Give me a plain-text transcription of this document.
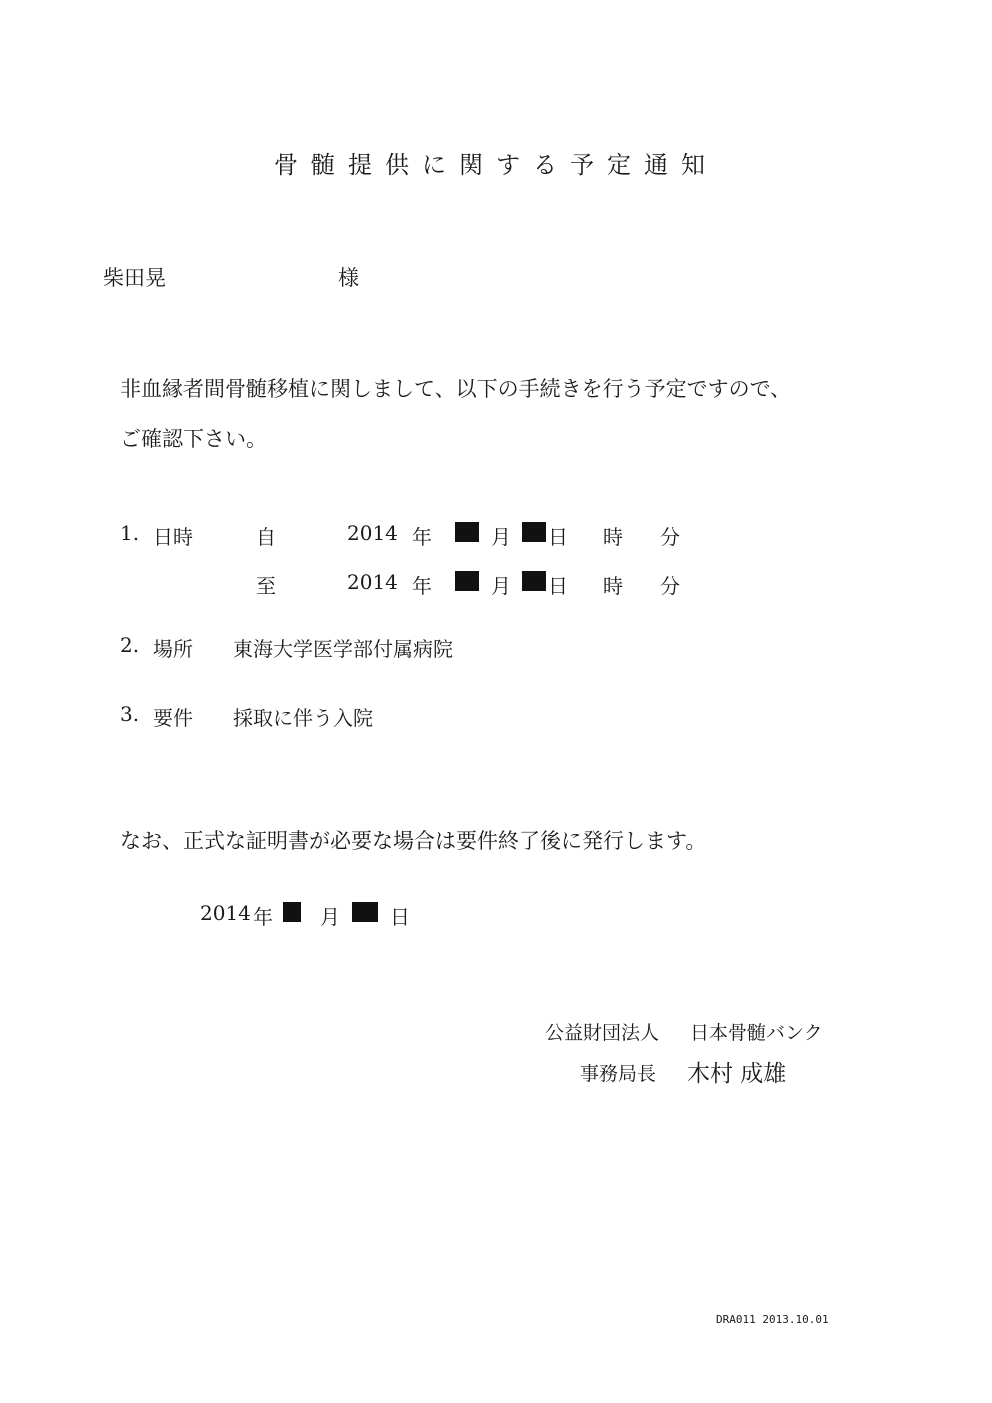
骨髄提供に関する予定通知
柴田晃	様
非血縁者間骨髄移植に関しまして、以下の手続きを行う予定ですので、
ご確認下さい。
1. 日時	自	2014 年	月 日 時 分
至	2014 年	月 日 時 分
2. 場所 東海大学医学部付属病院
3. 要件 採取に伴う入院
なお、正式な証明書が必要な場合は要件終了後に発行します。
2014 年 月	日
公益財団法人 日本骨髄バンク
事務局長 木村 成雄
DRA011 2013.10.01
